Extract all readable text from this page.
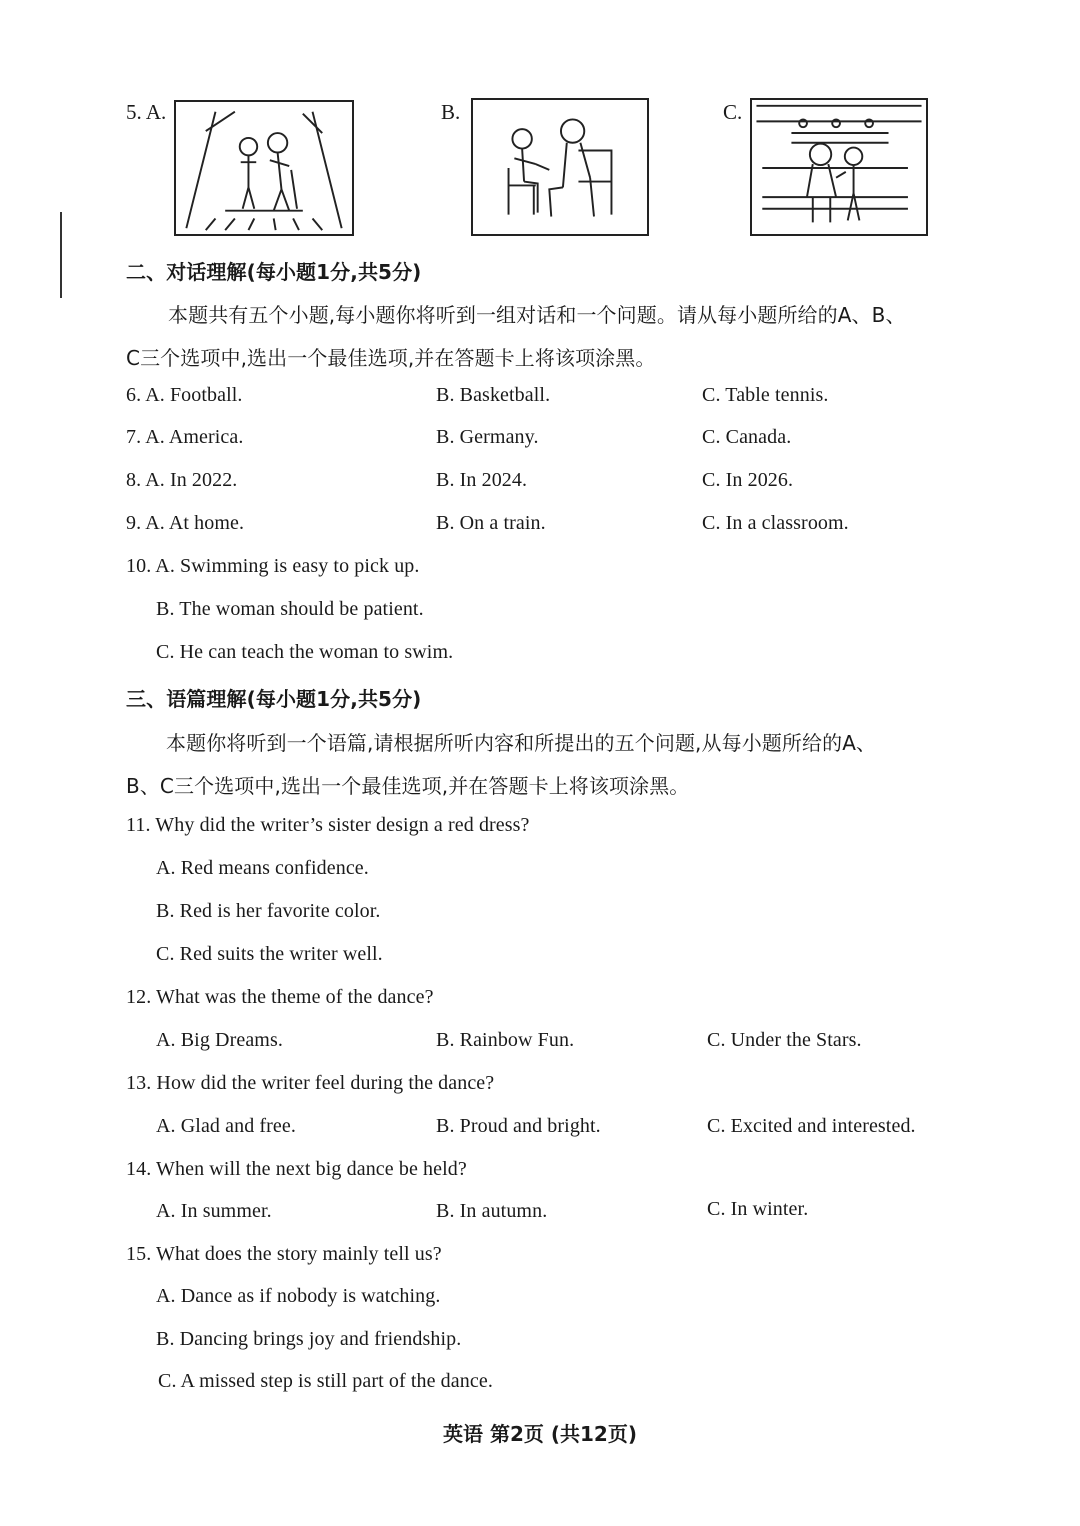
5. A.	B.	C.
二、对话理解(每小题1分,共5分)
本题共有五个小题,每小题你将听到一组对话和一个问题。请从每小题所给的A、B、
C三个选项中,选出一个最佳选项,并在答题卡上将该项涂黑。
6. A. Football.	B. Basketball.	C. Table tennis.
7. A. America.	B. Germany.	C. Canada.
8. A. In 2022.	B. In 2024.	C. In 2026.
9. A. At home.	B. On a train.	C. In a classroom.
10. A. Swimming is easy to pick up.
B. The woman should be patient.
C. He can teach the woman to swim.
三、语篇理解(每小题1分,共5分)
本题你将听到一个语篇,请根据所听内容和所提出的五个问题,从每小题所给的A、
B、C三个选项中,选出一个最佳选项,并在答题卡上将该项涂黑。
11. Why did the writer’s sister design a red dress?
A. Red means confidence.
B. Red is her favorite color.
C. Red suits the writer well.
12. What was the theme of the dance?
A. Big Dreams.	B. Rainbow Fun.	C. Under the Stars.
13. How did the writer feel during the dance?
A. Glad and free.	B. Proud and bright.	C. Excited and interested.
14. When will the next big dance be held?
A. In summer.	B. In autumn.	C. In winter.
15. What does the story mainly tell us?
A. Dance as if nobody is watching.
B. Dancing brings joy and friendship.
C. A missed step is still part of the dance.
英语 第2页 (共12页)
